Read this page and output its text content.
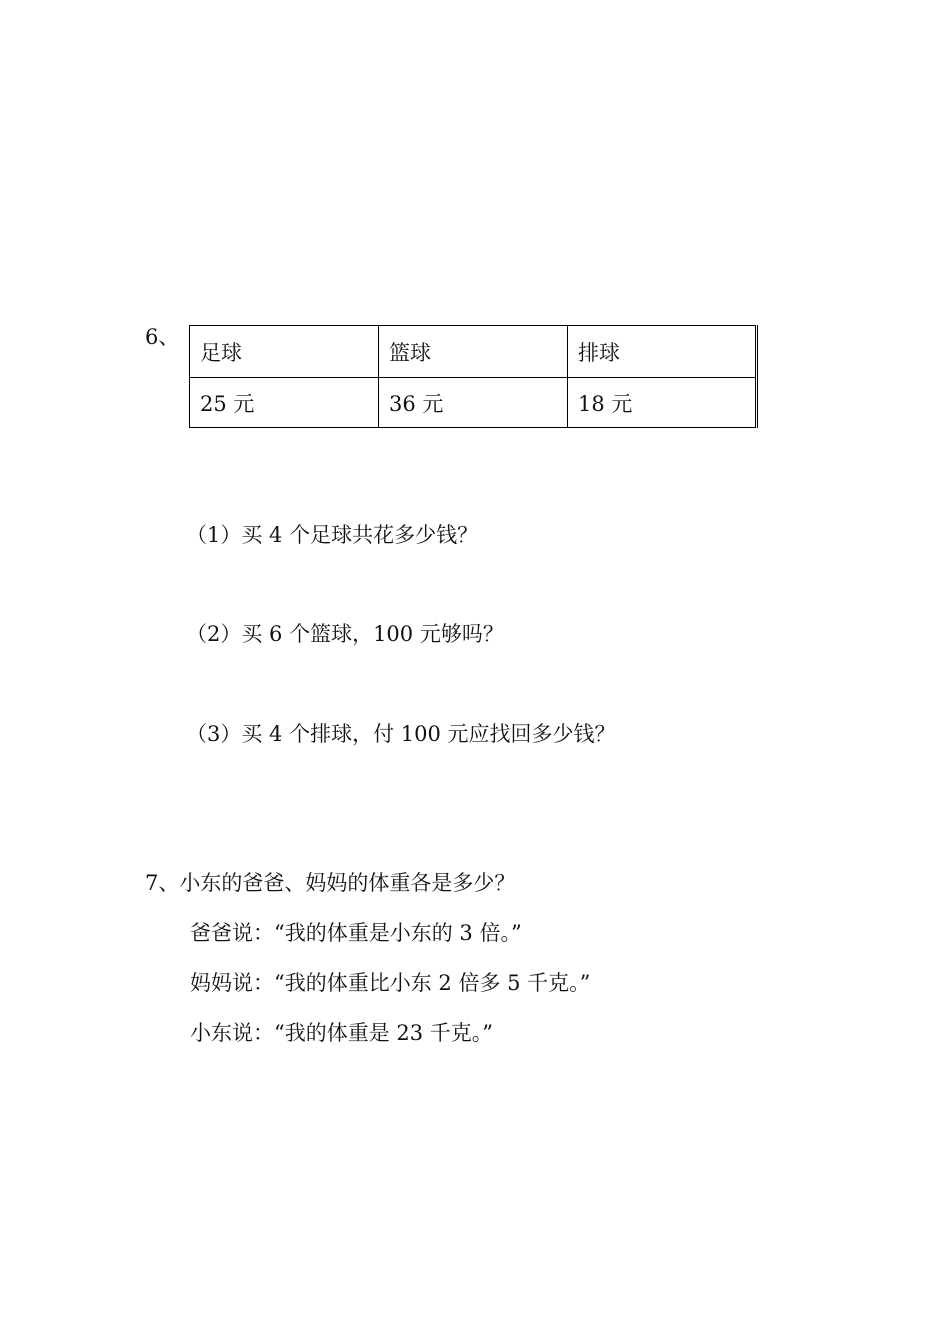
6、
足球	篮球	排球
25 元	36 元	18 元
（1）买 4 个足球共花多少钱？
（2）买 6 个篮球，100 元够吗？
（3）买 4 个排球，付 100 元应找回多少钱？
7、小东的爸爸、妈妈的体重各是多少？
爸爸说：“我的体重是小东的 3 倍。”
妈妈说：“我的体重比小东 2 倍多 5 千克。”
小东说：“我的体重是 23 千克。”
